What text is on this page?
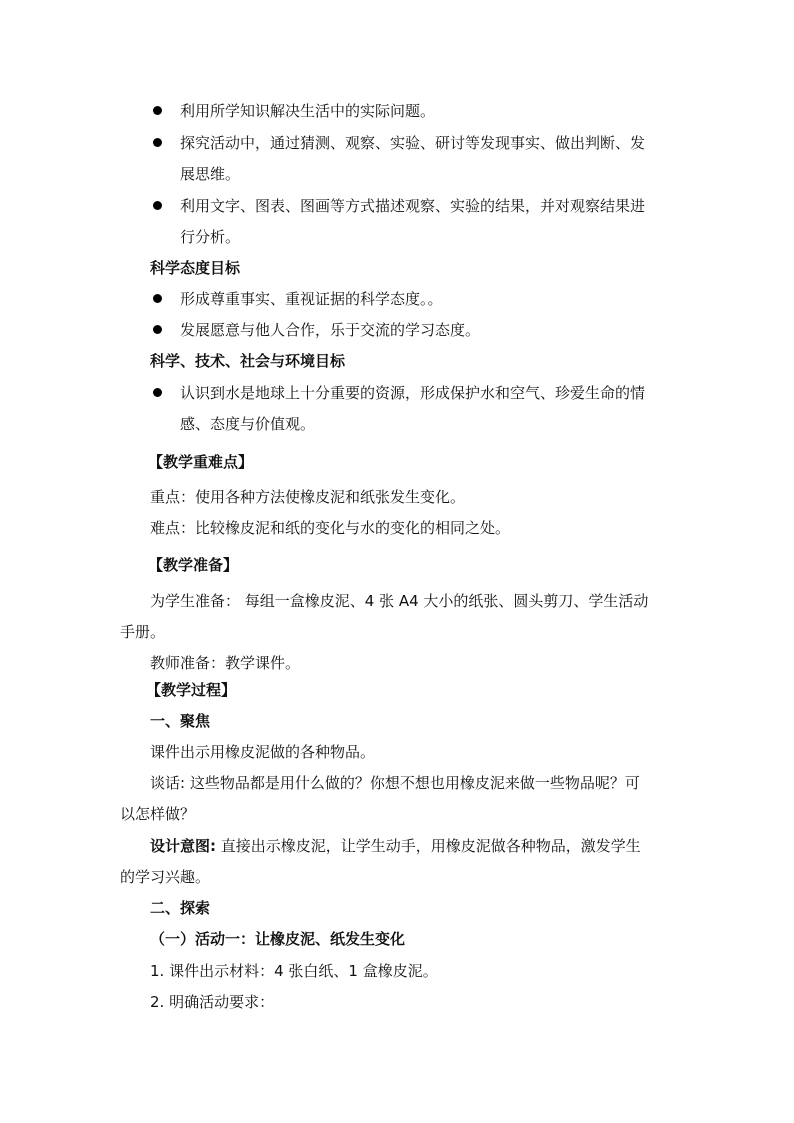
利用所学知识解决生活中的实际问题。
探究活动中，通过猜测、观察、实验、研讨等发现事实、做出判断、发
展思维。
利用文字、图表、图画等方式描述观察、实验的结果，并对观察结果进
行分析。
科学态度目标
形成尊重事实、重视证据的科学态度。。
发展愿意与他人合作，乐于交流的学习态度。
科学、技术、社会与环境目标
认识到水是地球上十分重要的资源，形成保护水和空气、珍爱生命的情
感、态度与价值观。
【教学重难点】
重点：使用各种方法使橡皮泥和纸张发生变化。
难点：比较橡皮泥和纸的变化与水的变化的相同之处。
【教学准备】
为学生准备： 每组一盒橡皮泥、4 张 A4 大小的纸张、圆头剪刀、学生活动
手册。
教师准备：教学课件。
【教学过程】
一、聚焦
课件出示用橡皮泥做的各种物品。
谈话: 这些物品都是用什么做的？你想不想也用橡皮泥来做一些物品呢？可
以怎样做？
设计意图: 直接出示橡皮泥，让学生动手，用橡皮泥做各种物品，激发学生
的学习兴趣。
二、探索
（一）活动一：让橡皮泥、纸发生变化
1. 课件出示材料：4 张白纸、1 盒橡皮泥。
2. 明确活动要求：
